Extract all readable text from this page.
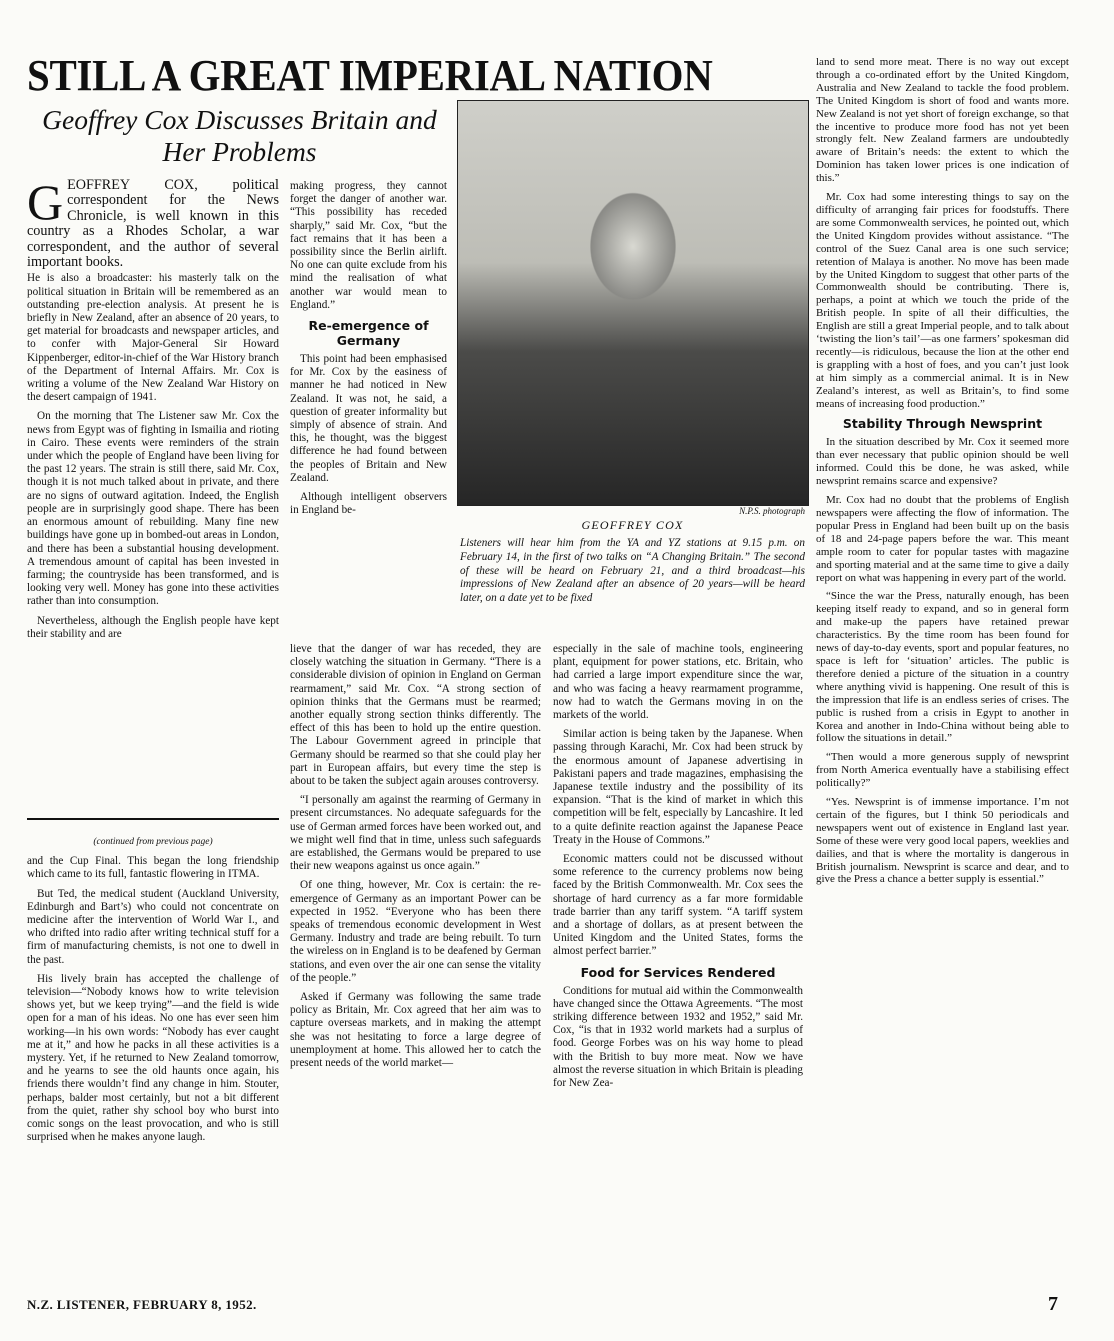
STILL A GREAT IMPERIAL NATION
Geoffrey Cox Discusses Britain and Her Problems
GEOFFREY COX, political correspondent for the News Chronicle, is well known in this country as a Rhodes Scholar, a war correspondent, and the author of several important books.

He is also a broadcaster: his masterly talk on the political situation in Britain will be remembered as an outstanding pre-election analysis. At present he is briefly in New Zealand, after an absence of 20 years, to get material for broadcasts and newspaper articles, and to confer with Major-General Sir Howard Kippenberger, editor-in-chief of the War History branch of the Department of Internal Affairs. Mr. Cox is writing a volume of the New Zealand War History on the desert campaign of 1941.

On the morning that The Listener saw Mr. Cox the news from Egypt was of fighting in Ismailia and rioting in Cairo. These events were reminders of the strain under which the people of England have been living for the past 12 years. The strain is still there, said Mr. Cox, though it is not much talked about in private, and there are no signs of outward agitation. Indeed, the English people are in surprisingly good shape. There has been an enormous amount of rebuilding. Many fine new buildings have gone up in bombed-out areas in London, and there has been a substantial housing development. A tremendous amount of capital has been invested in farming; the countryside has been transformed, and is looking very well. Money has gone into these activities rather than into consumption.

Nevertheless, although the English people have kept their stability and are

making progress, they cannot forget the danger of another war. “This possibility has receded sharply,” said Mr. Cox, “but the fact remains that it has been a possibility since the Berlin airlift. No one can quite exclude from his mind the realisation of what another war would mean to England.”

Re-emergence of Germany

This point had been emphasised for Mr. Cox by the easiness of manner he had noticed in New Zealand. It was not, he said, a question of greater informality but simply of absence of strain. And this, he thought, was the biggest difference he had found between the peoples of Britain and New Zealand.

Although intelligent observers in England be-	N.P.S. photograph
GEOFFREY COX
Listeners will hear him from the YA and YZ stations at 9.15 p.m. on February 14, in the first of two talks on “A Changing Britain.” The second of these will be heard on February 21, and a third broadcast—his impressions of New Zealand after an absence of 20 years—will be heard later, on a date yet to be fixed
(continued from previous page)

and the Cup Final. This began the long friendship which came to its full, fantastic flowering in ITMA.

But Ted, the medical student (Auckland University, Edinburgh and Bart’s) who could not concentrate on medicine after the intervention of World War I., and who drifted into radio after writing technical stuff for a firm of manufacturing chemists, is not one to dwell in the past.

His lively brain has accepted the challenge of television—“Nobody knows how to write television shows yet, but we keep trying”—and the field is wide open for a man of his ideas. No one has ever seen him working—in his own words: “Nobody has ever caught me at it,” and how he packs in all these activities is a mystery. Yet, if he returned to New Zealand tomorrow, and he yearns to see the old haunts once again, his friends there wouldn’t find any change in him. Stouter, perhaps, balder most certainly, but not a bit different from the quiet, rather shy school boy who burst into comic songs on the least provocation, and who is still surprised when he makes anyone laugh.

lieve that the danger of war has receded, they are closely watching the situation in Germany. “There is a considerable division of opinion in England on German rearmament,” said Mr. Cox. “A strong section of opinion thinks that the Germans must be rearmed; another equally strong section thinks differently. The effect of this has been to hold up the entire question. The Labour Government agreed in principle that Germany should be rearmed so that she could play her part in European affairs, but every time the step is about to be taken the subject again arouses controversy.

“I personally am against the rearming of Germany in present circumstances. No adequate safeguards for the use of German armed forces have been worked out, and we might well find that in time, unless such safeguards are established, the Germans would be prepared to use their new weapons against us once again.”

Of one thing, however, Mr. Cox is certain: the re-emergence of Germany as an important Power can be expected in 1952. “Everyone who has been there speaks of tremendous economic development in West Germany. Industry and trade are being rebuilt. To turn the wireless on in England is to be deafened by German stations, and even over the air one can sense the vitality of the people.”

Asked if Germany was following the same trade policy as Britain, Mr. Cox agreed that her aim was to capture overseas markets, and in making the attempt she was not hesitating to force a large degree of unemployment at home. This allowed her to catch the present needs of the world market—

especially in the sale of machine tools, engineering plant, equipment for power stations, etc. Britain, who had carried a large import expenditure since the war, and who was facing a heavy rearmament programme, now had to watch the Germans moving in on the markets of the world.

Similar action is being taken by the Japanese. When passing through Karachi, Mr. Cox had been struck by the enormous amount of Japanese advertising in Pakistani papers and trade magazines, emphasising the Japanese textile industry and the possibility of its expansion. “That is the kind of market in which this competition will be felt, especially by Lancashire. It led to a quite definite reaction against the Japanese Peace Treaty in the House of Commons.”

Economic matters could not be discussed without some reference to the currency problems now being faced by the British Commonwealth. Mr. Cox sees the shortage of hard currency as a far more formidable trade barrier than any tariff system. “A tariff system and a shortage of dollars, as at present between the United Kingdom and the United States, forms the almost perfect barrier.”

Food for Services Rendered

Conditions for mutual aid within the Commonwealth have changed since the Ottawa Agreements. “The most striking difference between 1932 and 1952,” said Mr. Cox, “is that in 1932 world markets had a surplus of food. George Forbes was on his way home to plead with the British to buy more meat. Now we have almost the reverse situation in which Britain is pleading for New Zea-

land to send more meat. There is no way out except through a co-ordinated effort by the United Kingdom, Australia and New Zealand to tackle the food problem. The United Kingdom is short of food and wants more. New Zealand is not yet short of foreign exchange, so that the incentive to produce more food has not yet been strongly felt. New Zealand farmers are undoubtedly aware of Britain’s needs: the extent to which the Dominion has taken lower prices is one indication of this.”

Mr. Cox had some interesting things to say on the difficulty of arranging fair prices for foodstuffs. There are some Commonwealth services, he pointed out, which the United Kingdom provides without assistance. “The control of the Suez Canal area is one such service; retention of Malaya is another. No move has been made by the United Kingdom to suggest that other parts of the Commonwealth should be contributing. There is, perhaps, a point at which we touch the pride of the British people. In spite of all their difficulties, the English are still a great Imperial people, and to talk about ‘twisting the lion’s tail’—as one farmers’ spokesman did recently—is ridiculous, because the lion at the other end is grappling with a host of foes, and you can’t just look at him simply as a commercial animal. It is in New Zealand’s interest, as well as Britain’s, to find some means of increasing food production.”

Stability Through Newsprint

In the situation described by Mr. Cox it seemed more than ever necessary that public opinion should be well informed. Could this be done, he was asked, while newsprint remains scarce and expensive?

Mr. Cox had no doubt that the problems of English newspapers were affecting the flow of information. The popular Press in England had been built up on the basis of 18 and 24-page papers before the war. This meant ample room to cater for popular tastes with magazine and sporting material and at the same time to give a daily report on what was happening in every part of the world.

“Since the war the Press, naturally enough, has been keeping itself ready to expand, and so in general form and make-up the papers have retained prewar characteristics. By the time room has been found for news of day-to-day events, sport and popular features, no space is left for ‘situation’ articles. The public is therefore denied a picture of the situation in a country where anything vivid is happening. One result of this is the impression that life is an endless series of crises. The public is rushed from a crisis in Egypt to another in Korea and another in Indo-China without being able to follow the situations in detail.”

“Then would a more generous supply of newsprint from North America eventually have a stabilising effect politically?”

“Yes. Newsprint is of immense importance. I’m not certain of the figures, but I think 50 periodicals and newspapers went out of existence in England last year. Some of these were very good local papers, weeklies and dailies, and that is where the mortality is dangerous in British journalism. Newsprint is scarce and dear, and to give the Press a chance a better supply is essential.”

N.Z. LISTENER, FEBRUARY 8, 1952.	7
